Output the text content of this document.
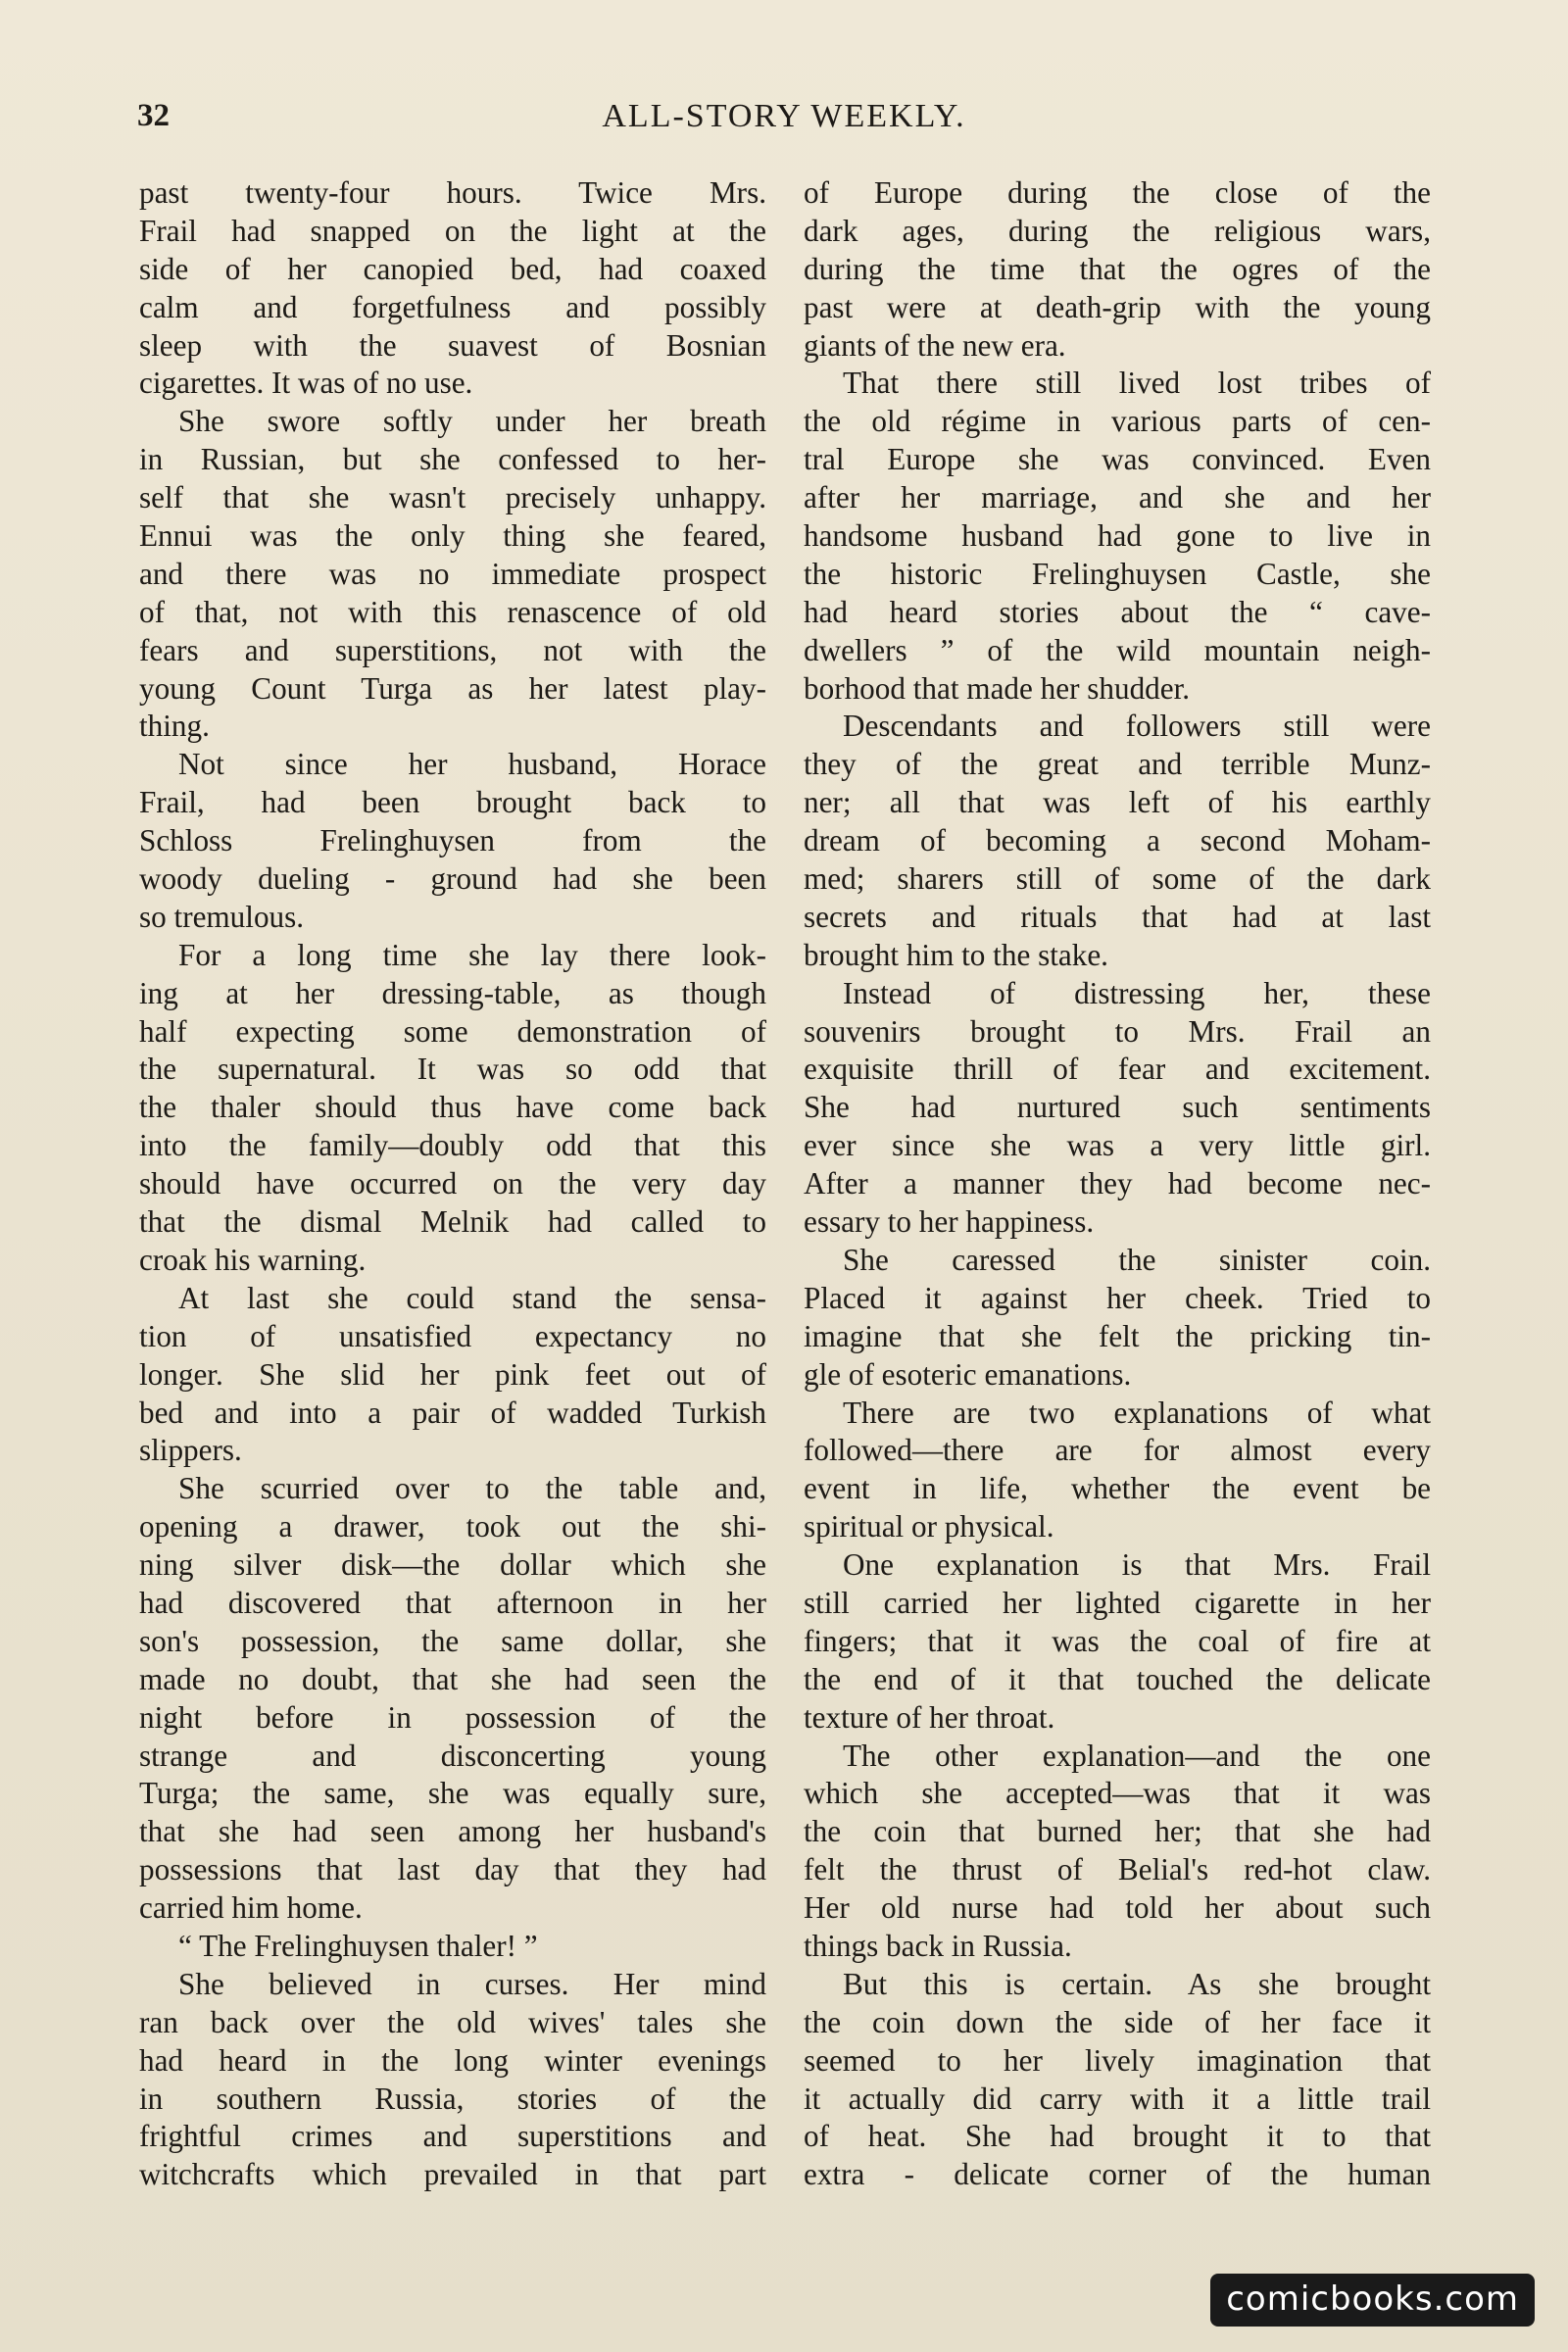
32	ALL-STORY WEEKLY.
past twenty-four hours. Twice Mrs.
Frail had snapped on the light at the
side of her canopied bed, had coaxed
calm and forgetfulness and possibly
sleep with the suavest of Bosnian
cigarettes. It was of no use.
She swore softly under her breath
in Russian, but she confessed to her-
self that she wasn't precisely unhappy.
Ennui was the only thing she feared,
and there was no immediate prospect
of that, not with this renascence of old
fears and superstitions, not with the
young Count Turga as her latest play-
thing.
Not since her husband, Horace
Frail, had been brought back to
Schloss Frelinghuysen from the
woody dueling - ground had she been
so tremulous.
For a long time she lay there look-
ing at her dressing-table, as though
half expecting some demonstration of
the supernatural. It was so odd that
the thaler should thus have come back
into the family—doubly odd that this
should have occurred on the very day
that the dismal Melnik had called to
croak his warning.
At last she could stand the sensa-
tion of unsatisfied expectancy no
longer. She slid her pink feet out of
bed and into a pair of wadded Turkish
slippers.
She scurried over to the table and,
opening a drawer, took out the shi-
ning silver disk—the dollar which she
had discovered that afternoon in her
son's possession, the same dollar, she
made no doubt, that she had seen the
night before in possession of the
strange and disconcerting young
Turga; the same, she was equally sure,
that she had seen among her husband's
possessions that last day that they had
carried him home.
“ The Frelinghuysen thaler! ”
She believed in curses. Her mind
ran back over the old wives' tales she
had heard in the long winter evenings
in southern Russia, stories of the
frightful crimes and superstitions and
witchcrafts which prevailed in that part
of Europe during the close of the
dark ages, during the religious wars,
during the time that the ogres of the
past were at death-grip with the young
giants of the new era.
That there still lived lost tribes of
the old régime in various parts of cen-
tral Europe she was convinced. Even
after her marriage, and she and her
handsome husband had gone to live in
the historic Frelinghuysen Castle, she
had heard stories about the “ cave-
dwellers ” of the wild mountain neigh-
borhood that made her shudder.
Descendants and followers still were
they of the great and terrible Munz-
ner; all that was left of his earthly
dream of becoming a second Moham-
med; sharers still of some of the dark
secrets and rituals that had at last
brought him to the stake.
Instead of distressing her, these
souvenirs brought to Mrs. Frail an
exquisite thrill of fear and excitement.
She had nurtured such sentiments
ever since she was a very little girl.
After a manner they had become nec-
essary to her happiness.
She caressed the sinister coin.
Placed it against her cheek. Tried to
imagine that she felt the pricking tin-
gle of esoteric emanations.
There are two explanations of what
followed—there are for almost every
event in life, whether the event be
spiritual or physical.
One explanation is that Mrs. Frail
still carried her lighted cigarette in her
fingers; that it was the coal of fire at
the end of it that touched the delicate
texture of her throat.
The other explanation—and the one
which she accepted—was that it was
the coin that burned her; that she had
felt the thrust of Belial's red-hot claw.
Her old nurse had told her about such
things back in Russia.
But this is certain. As she brought
the coin down the side of her face it
seemed to her lively imagination that
it actually did carry with it a little trail
of heat. She had brought it to that
extra - delicate corner of the human
comicbooks.com
